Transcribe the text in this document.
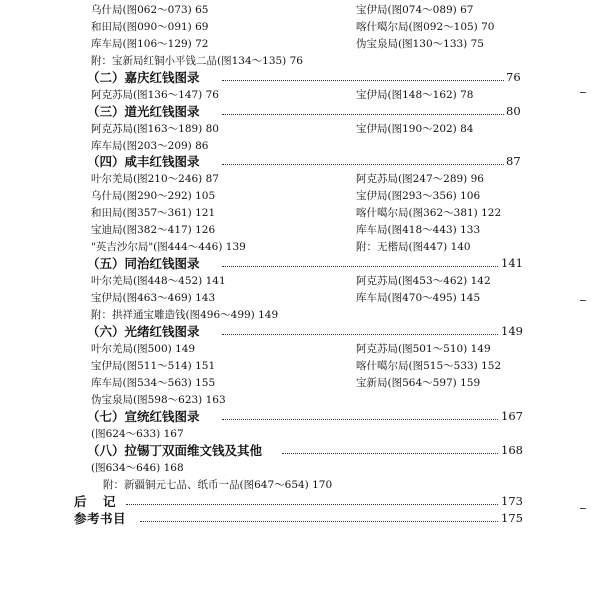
乌什局(图062～073) 65	宝伊局(图074～089) 67
和田局(图090～091) 69	喀什噶尔局(图092～105) 70
库车局(图106～129) 72	伪宝泉局(图130～133) 75
附：宝新局红铜小平钱二品(图134～135) 76
（二）嘉庆红钱图录	76
阿克苏局(图136～147) 76	宝伊局(图148～162) 78
（三）道光红钱图录	80
阿克苏局(图163～189) 80	宝伊局(图190～202) 84
库车局(图203～209) 86
（四）咸丰红钱图录	87
叶尔羌局(图210～246) 87	阿克苏局(图247～289) 96
乌什局(图290～292) 105	宝伊局(图293～356) 106
和田局(图357～361) 121	喀什噶尔局(图362～381) 122
宝迪局(图382～417) 126	库车局(图418～443) 133
"英吉沙尔局"(图444～446) 139	附：无楷局(图447) 140
（五）同治红钱图录	141
叶尔羌局(图448～452) 141	阿克苏局(图453～462) 142
宝伊局(图463～469) 143	库车局(图470～495) 145
附：拱祥通宝雕造钱(图496～499) 149
（六）光绪红钱图录	149
叶尔羌局(图500) 149	阿克苏局(图501～510) 149
宝伊局(图511～514) 151	喀什噶尔局(图515～533) 152
库车局(图534～563) 155	宝新局(图564～597) 159
伪宝泉局(图598～623) 163
（七）宣统红钱图录	167
(图624～633) 167
（八）拉锡丁双面维文钱及其他	168
(图634～646) 168
附：新疆铜元七品、纸币一品(图647～654) 170
后　记	173
参考书目	175
